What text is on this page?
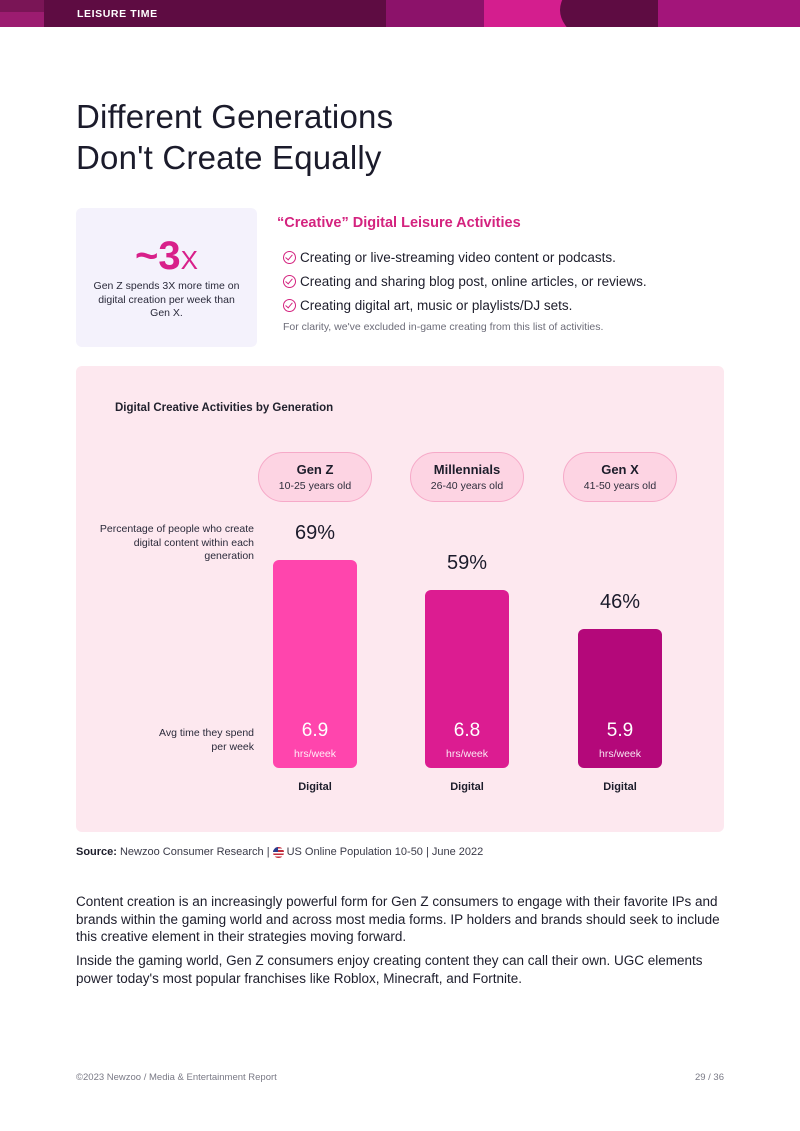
LEISURE TIME
Different Generations
Don't Create Equally
~3X
Gen Z spends 3X more time on digital creation per week than Gen X.
“Creative” Digital Leisure Activities
Creating or live-streaming video content or podcasts.
Creating and sharing blog post, online articles, or reviews.
Creating digital art, music or playlists/DJ sets.
For clarity, we've excluded in-game creating from this list of activities.
Digital Creative Activities by Generation
Percentage of people who create digital content within each generation
Avg time they spend per week
Gen Z
10-25 years old
69%
6.9
hrs/week
Digital
Millennials
26-40 years old
59%
6.8
hrs/week
Digital
Gen X
41-50 years old
46%
5.9
hrs/week
Digital
Source: Newzoo Consumer Research | US Online Population 10-50 | June 2022

Content creation is an increasingly powerful form for Gen Z consumers to engage with their favorite IPs and brands within the gaming world and across most media forms. IP holders and brands should seek to include this creative element in their strategies moving forward.

Inside the gaming world, Gen Z consumers enjoy creating content they can call their own. UGC elements power today's most popular franchises like Roblox, Minecraft, and Fortnite.

©2023 Newzoo / Media & Entertainment Report	29 / 36
